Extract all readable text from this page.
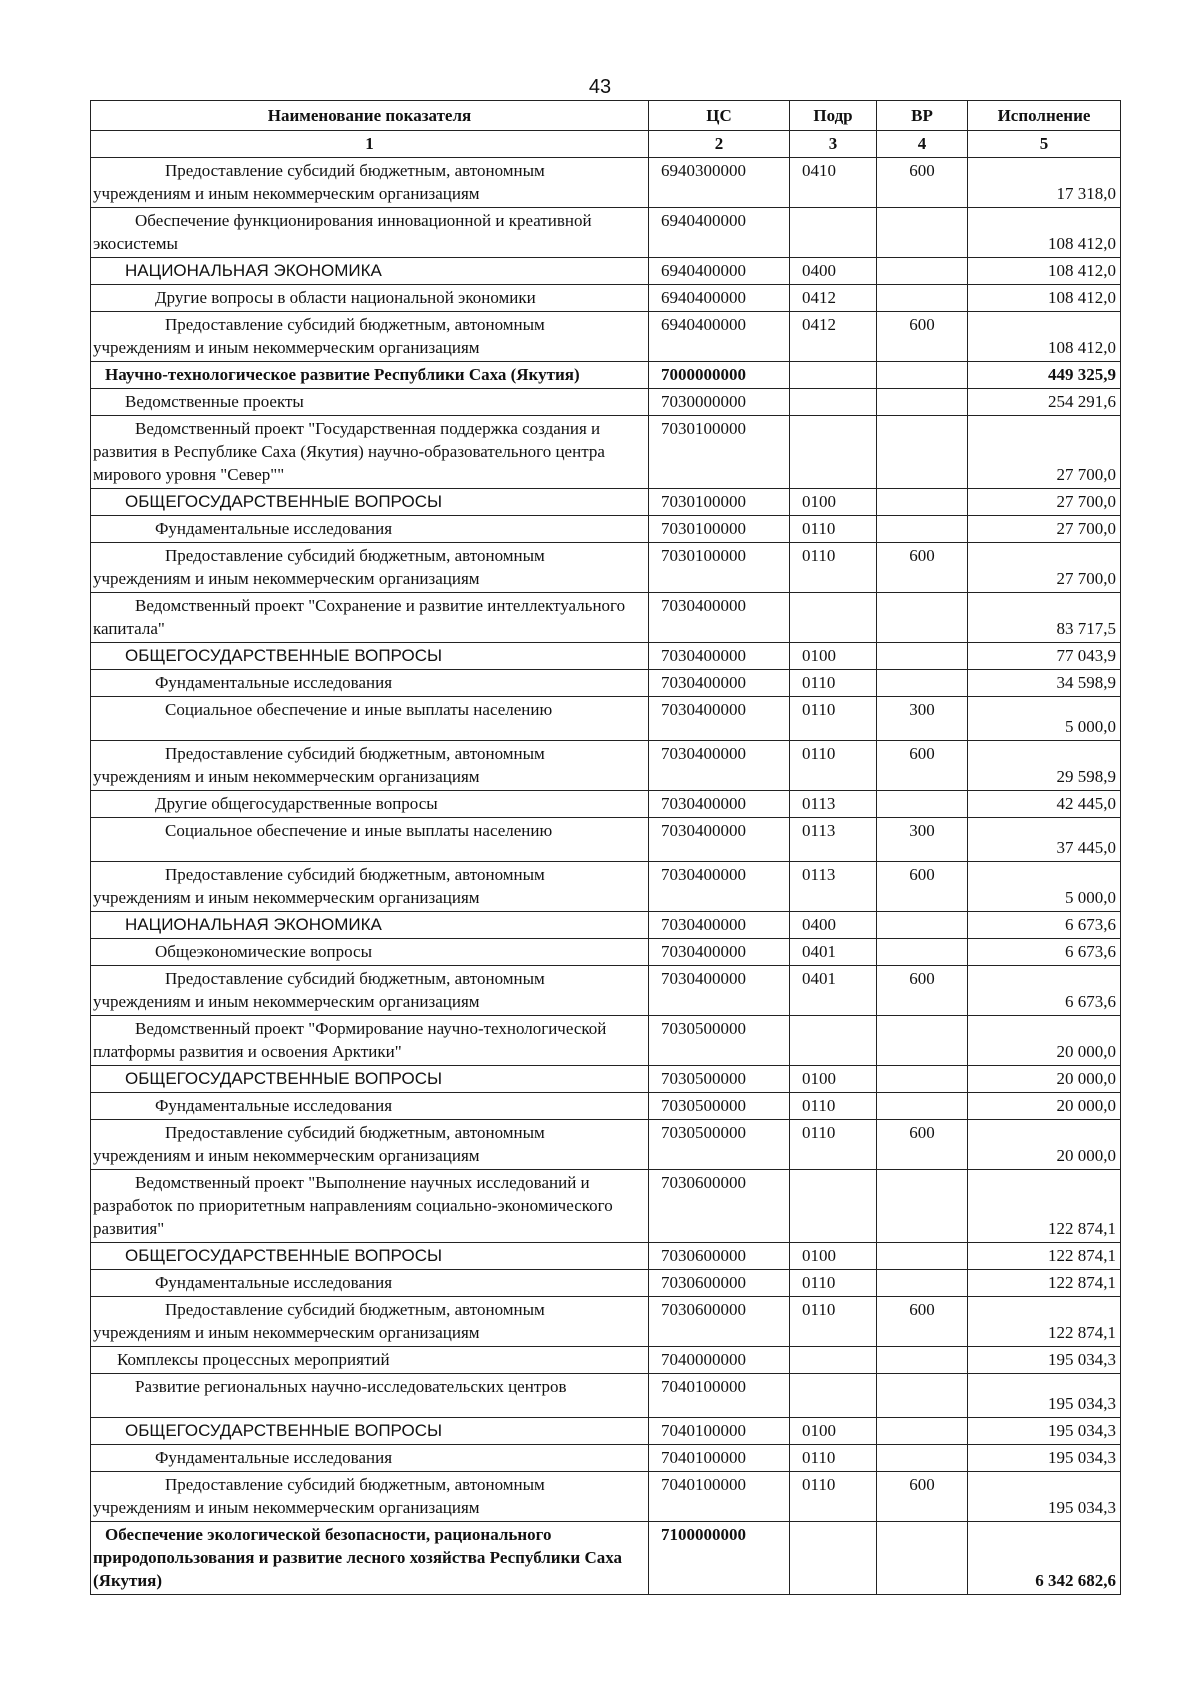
43
Наименование показателя	ЦС	Подр	ВР	Исполнение
1	2	3	4	5
Предоставление субсидий бюджетным, автономным учреждениям и иным некоммерческим организациям	6940300000	0410	600	17 318,0
Обеспечение функционирования инновационной и креативной экосистемы	6940400000			108 412,0
НАЦИОНАЛЬНАЯ ЭКОНОМИКА	6940400000	0400		108 412,0
Другие вопросы в области национальной экономики	6940400000	0412		108 412,0
Предоставление субсидий бюджетным, автономным учреждениям и иным некоммерческим организациям	6940400000	0412	600	108 412,0
Научно-технологическое развитие Республики Саха (Якутия)	7000000000			449 325,9
Ведомственные проекты	7030000000			254 291,6
Ведомственный проект "Государственная поддержка создания и развития в Республике Саха (Якутия) научно-образовательного центра мирового уровня "Север""	7030100000			27 700,0
ОБЩЕГОСУДАРСТВЕННЫЕ ВОПРОСЫ	7030100000	0100		27 700,0
Фундаментальные исследования	7030100000	0110		27 700,0
Предоставление субсидий бюджетным, автономным учреждениям и иным некоммерческим организациям	7030100000	0110	600	27 700,0
Ведомственный проект "Сохранение и развитие интеллектуального капитала"	7030400000			83 717,5
ОБЩЕГОСУДАРСТВЕННЫЕ ВОПРОСЫ	7030400000	0100		77 043,9
Фундаментальные исследования	7030400000	0110		34 598,9
Социальное обеспечение и иные выплаты населению	7030400000	0110	300	5 000,0
Предоставление субсидий бюджетным, автономным учреждениям и иным некоммерческим организациям	7030400000	0110	600	29 598,9
Другие общегосударственные вопросы	7030400000	0113		42 445,0
Социальное обеспечение и иные выплаты населению	7030400000	0113	300	37 445,0
Предоставление субсидий бюджетным, автономным учреждениям и иным некоммерческим организациям	7030400000	0113	600	5 000,0
НАЦИОНАЛЬНАЯ ЭКОНОМИКА	7030400000	0400		6 673,6
Общеэкономические вопросы	7030400000	0401		6 673,6
Предоставление субсидий бюджетным, автономным учреждениям и иным некоммерческим организациям	7030400000	0401	600	6 673,6
Ведомственный проект "Формирование научно-технологической платформы развития и освоения Арктики"	7030500000			20 000,0
ОБЩЕГОСУДАРСТВЕННЫЕ ВОПРОСЫ	7030500000	0100		20 000,0
Фундаментальные исследования	7030500000	0110		20 000,0
Предоставление субсидий бюджетным, автономным учреждениям и иным некоммерческим организациям	7030500000	0110	600	20 000,0
Ведомственный проект "Выполнение научных исследований и разработок по приоритетным направлениям социально-экономического развития"	7030600000			122 874,1
ОБЩЕГОСУДАРСТВЕННЫЕ ВОПРОСЫ	7030600000	0100		122 874,1
Фундаментальные исследования	7030600000	0110		122 874,1
Предоставление субсидий бюджетным, автономным учреждениям и иным некоммерческим организациям	7030600000	0110	600	122 874,1
Комплексы процессных мероприятий	7040000000			195 034,3
Развитие региональных научно-исследовательских центров	7040100000			195 034,3
ОБЩЕГОСУДАРСТВЕННЫЕ ВОПРОСЫ	7040100000	0100		195 034,3
Фундаментальные исследования	7040100000	0110		195 034,3
Предоставление субсидий бюджетным, автономным учреждениям и иным некоммерческим организациям	7040100000	0110	600	195 034,3
Обеспечение экологической безопасности, рационального природопользования и развитие лесного хозяйства Республики Саха (Якутия)	7100000000			6 342 682,6
